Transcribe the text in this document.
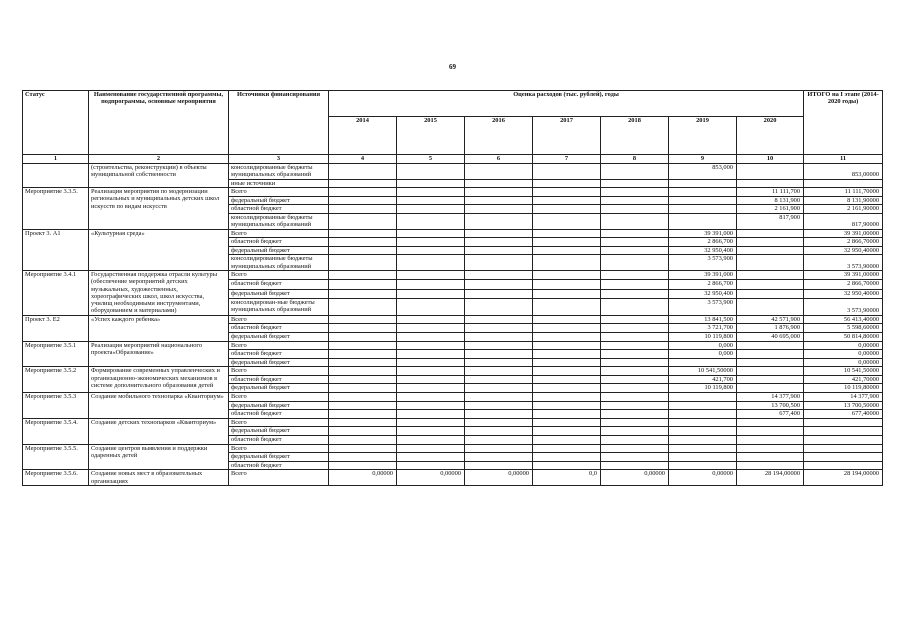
69
Статус	Наименование государственной программы, подпрограммы, основные мероприятия	Источники финансирования	Оценка расходов (тыс. рублей), годы							ИТОГО на I этапе (2014-2020 годы)
			2014	2015	2016	2017	2018	2019	2020	
1	2	3	4	5	6	7	8	9	10	11
	(строительства, реконструкции) в объекты муниципальной собственности	консолидированные бюджеты муниципальных образований						853,000		853,00000
		иные источники								
Мероприятие 3.3.5.	Реализация мероприятия по модернизации региональных и муниципальных детских школ искусств по видам искусств	Всего							11 111,700	11 111,70000
		федеральный бюджет							8 131,900	8 131,90000
		областной бюджет							2 161,900	2 161,90000
		консолидированные бюджеты муниципальных образований							817,900	817,90000
Проект 3. А1	«Культурная среда»	Всего						39 391,000		39 391,00000
		областной бюджет						2 866,700		2 866,70000
		федеральный бюджет						32 950,400		32 950,40000
		консолидированные бюджеты муниципальных образований						3 573,900		3 573,90000
Мероприятие 3.4.1	Государственная поддержка отрасли культуры (обеспечение мероприятий детских музыкальных, художественных, хореографических школ, школ искусства, училищ необходимыми инструментами, оборудованием и материалами)	Всего						39 391,000		39 391,00000
		областной бюджет						2 866,700		2 866,70000
		федеральный бюджет						32 950,400		32 950,40000
		консолидирован-ные бюджеты муниципальных образований						3 573,900		3 573,90000
Проект 3. Е2	«Успех каждого ребенка»	Всего						13 841,500	42 571,900	56 413,40000
		областной бюджет						3 721,700	1 876,900	5 598,60000
		федеральный бюджет						10 119,800	40 695,000	50 814,80000
Мероприятие 3.5.1	Реализация мероприятий национального проекта«Образование»	Всего						0,000		0,00000
		областной бюджет						0,000		0,00000
		федеральный бюджет								0,00000
Мероприятие 3.5.2	Формирование современных управленческих и организационно-экономических механизмов в системе дополнительного образования детей	Всего						10 541,50000		10 541,50000
		областной бюджет						421,700		421,70000
		федеральный бюджет						10 119,800		10 119,80000
Мероприятие 3.5.3	Создание мобильного технопарка «Кванториум»	Всего							14 377,900	14 377,900
		федеральный бюджет							13 700,500	13 700,50000
		областной бюджет							677,400	677,40000
Мероприятие 3.5.4.	Создание детских технопарков «Кванториум»	Всего								
		федеральный бюджет								
		областной бюджет								
Мероприятие 3.5.5.	Создание центров выявления и поддержки одаренных детей	Всего								
		федеральный бюджет								
		областной бюджет								
Мероприятие 3.5.6.	Создание новых мест в образовательных организациях	Всего	0,00000	0,00000	0,00000	0,0	0,00000	0,00000	28 194,00000	28 194,00000
